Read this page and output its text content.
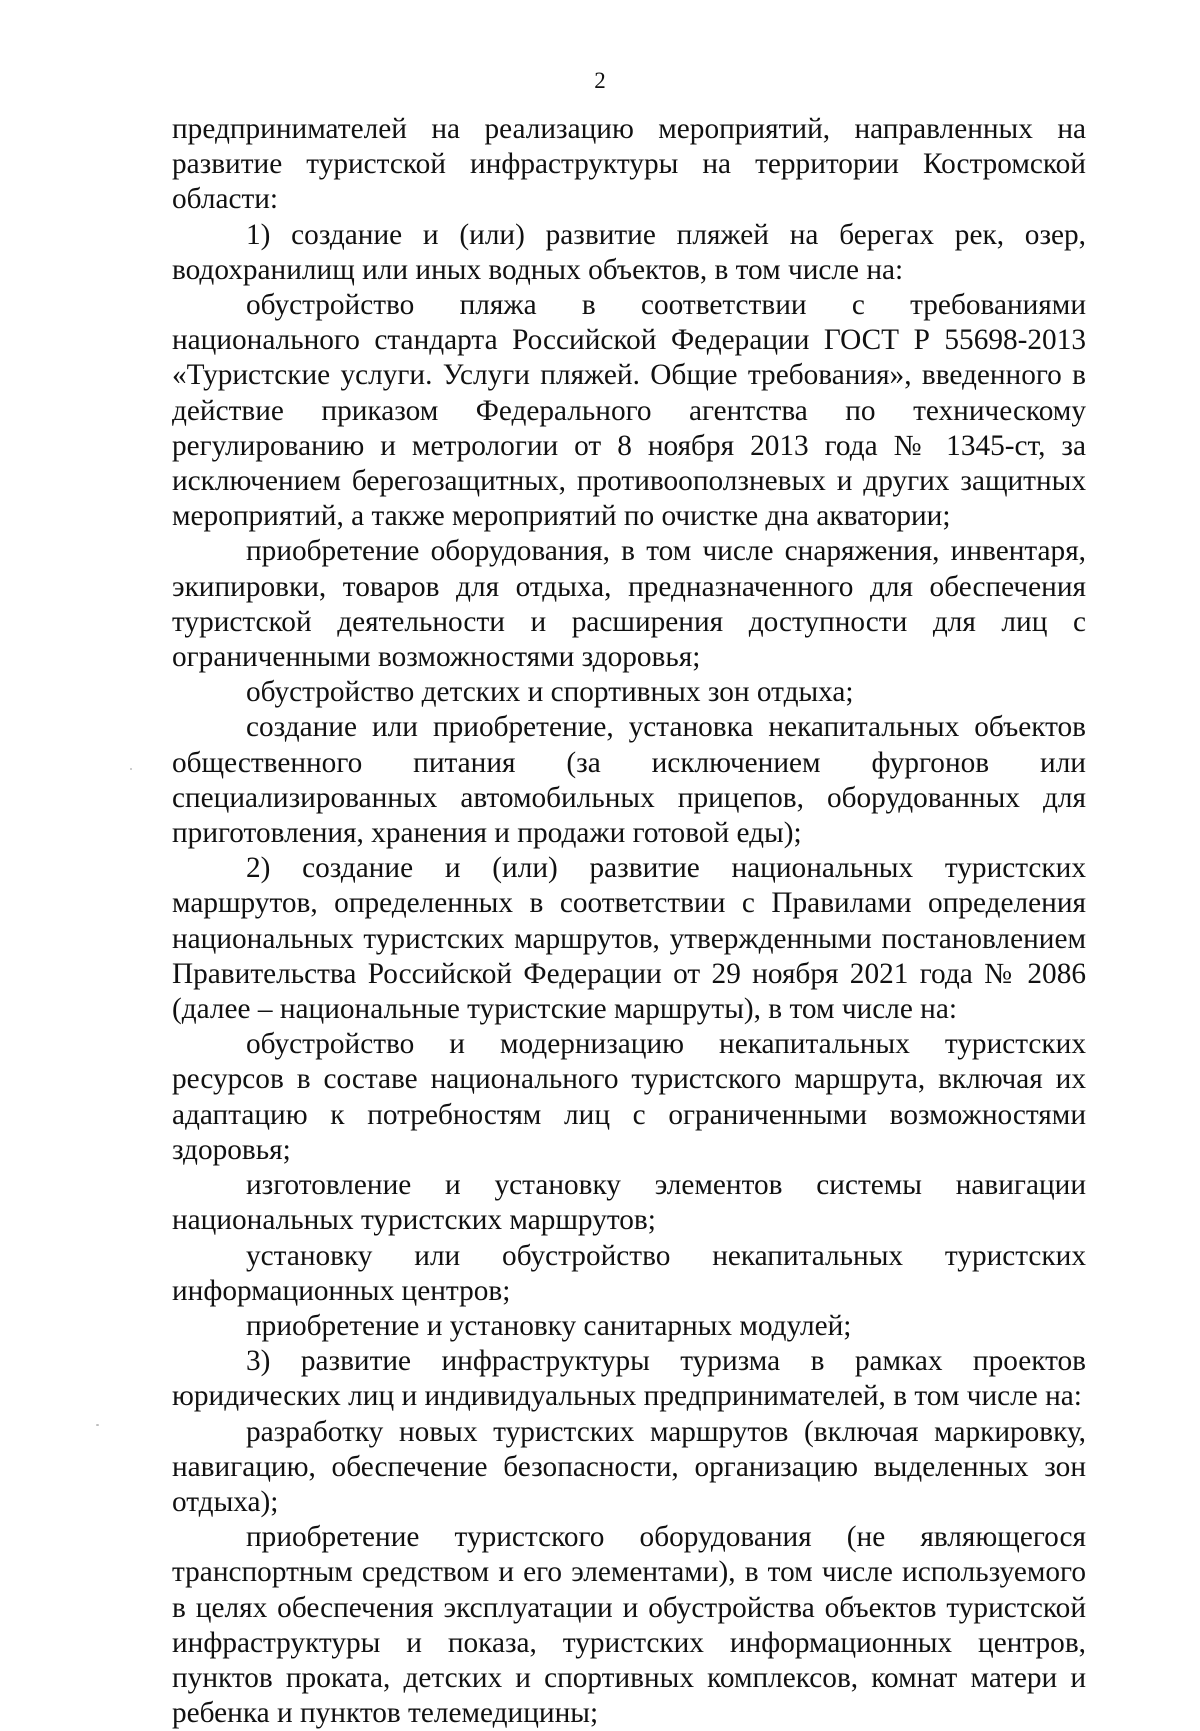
2

предпринимателей на реализацию мероприятий, направленных на развитие туристской инфраструктуры на территории Костромской области:

1) создание и (или) развитие пляжей на берегах рек, озер, водохранилищ или иных водных объектов, в том числе на:

обустройство пляжа в соответствии с требованиями национального стандарта Российской Федерации ГОСТ Р 55698-2013 «Туристские услуги. Услуги пляжей. Общие требования», введенного в действие приказом Федерального агентства по техническому регулированию и метрологии от 8 ноября 2013 года № 1345-ст, за исключением берегозащитных, противооползневых и других защитных мероприятий, а также мероприятий по очистке дна акватории;

приобретение оборудования, в том числе снаряжения, инвентаря, экипировки, товаров для отдыха, предназначенного для обеспечения туристской деятельности и расширения доступности для лиц с ограниченными возможностями здоровья;

обустройство детских и спортивных зон отдыха;

создание или приобретение, установка некапитальных объектов общественного питания (за исключением фургонов или специализированных автомобильных прицепов, оборудованных для приготовления, хранения и продажи готовой еды);

2) создание и (или) развитие национальных туристских маршрутов, определенных в соответствии с Правилами определения национальных туристских маршрутов, утвержденными постановлением Правительства Российской Федерации от 29 ноября 2021 года № 2086 (далее – национальные туристские маршруты), в том числе на:

обустройство и модернизацию некапитальных туристских ресурсов в составе национального туристского маршрута, включая их адаптацию к потребностям лиц с ограниченными возможностями здоровья;

изготовление и установку элементов системы навигации национальных туристских маршрутов;

установку или обустройство некапитальных туристских информационных центров;

приобретение и установку санитарных модулей;

3) развитие инфраструктуры туризма в рамках проектов юридических лиц и индивидуальных предпринимателей, в том числе на:

разработку новых туристских маршрутов (включая маркировку, навигацию, обеспечение безопасности, организацию выделенных зон отдыха);

приобретение туристского оборудования (не являющегося транспортным средством и его элементами), в том числе используемого в целях обеспечения эксплуатации и обустройства объектов туристской инфраструктуры и показа, туристских информационных центров, пунктов проката, детских и спортивных комплексов, комнат матери и ребенка и пунктов телемедицины;
